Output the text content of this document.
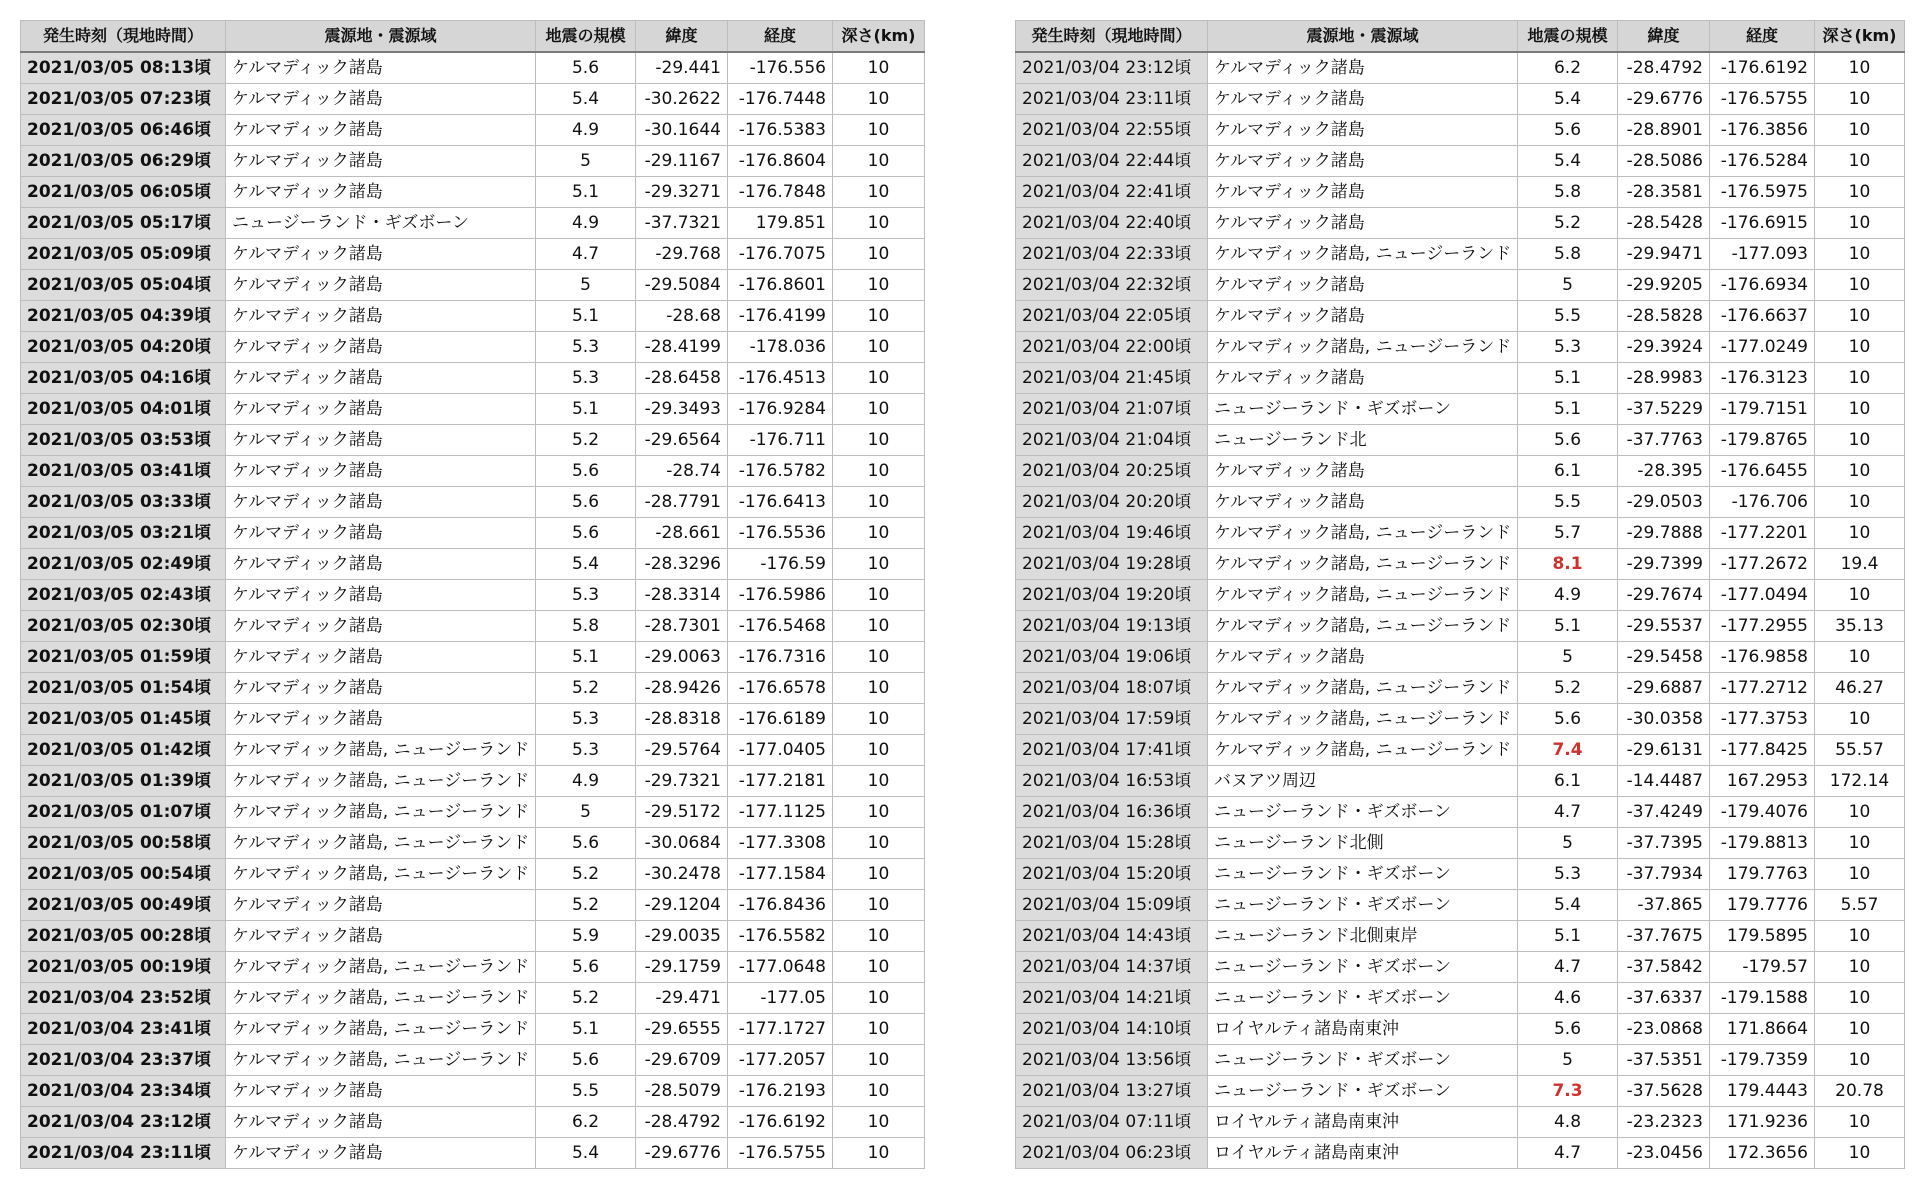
発生時刻（現地時間）	震源地・震源域	地震の規模	緯度	経度	深さ(km)
2021/03/05 08:13頃	ケルマディック諸島	5.6	-29.441	-176.556	10
2021/03/05 07:23頃	ケルマディック諸島	5.4	-30.2622	-176.7448	10
2021/03/05 06:46頃	ケルマディック諸島	4.9	-30.1644	-176.5383	10
2021/03/05 06:29頃	ケルマディック諸島	5	-29.1167	-176.8604	10
2021/03/05 06:05頃	ケルマディック諸島	5.1	-29.3271	-176.7848	10
2021/03/05 05:17頃	ニュージーランド・ギズボーン	4.9	-37.7321	179.851	10
2021/03/05 05:09頃	ケルマディック諸島	4.7	-29.768	-176.7075	10
2021/03/05 05:04頃	ケルマディック諸島	5	-29.5084	-176.8601	10
2021/03/05 04:39頃	ケルマディック諸島	5.1	-28.68	-176.4199	10
2021/03/05 04:20頃	ケルマディック諸島	5.3	-28.4199	-178.036	10
2021/03/05 04:16頃	ケルマディック諸島	5.3	-28.6458	-176.4513	10
2021/03/05 04:01頃	ケルマディック諸島	5.1	-29.3493	-176.9284	10
2021/03/05 03:53頃	ケルマディック諸島	5.2	-29.6564	-176.711	10
2021/03/05 03:41頃	ケルマディック諸島	5.6	-28.74	-176.5782	10
2021/03/05 03:33頃	ケルマディック諸島	5.6	-28.7791	-176.6413	10
2021/03/05 03:21頃	ケルマディック諸島	5.6	-28.661	-176.5536	10
2021/03/05 02:49頃	ケルマディック諸島	5.4	-28.3296	-176.59	10
2021/03/05 02:43頃	ケルマディック諸島	5.3	-28.3314	-176.5986	10
2021/03/05 02:30頃	ケルマディック諸島	5.8	-28.7301	-176.5468	10
2021/03/05 01:59頃	ケルマディック諸島	5.1	-29.0063	-176.7316	10
2021/03/05 01:54頃	ケルマディック諸島	5.2	-28.9426	-176.6578	10
2021/03/05 01:45頃	ケルマディック諸島	5.3	-28.8318	-176.6189	10
2021/03/05 01:42頃	ケルマディック諸島, ニュージーランド	5.3	-29.5764	-177.0405	10
2021/03/05 01:39頃	ケルマディック諸島, ニュージーランド	4.9	-29.7321	-177.2181	10
2021/03/05 01:07頃	ケルマディック諸島, ニュージーランド	5	-29.5172	-177.1125	10
2021/03/05 00:58頃	ケルマディック諸島, ニュージーランド	5.6	-30.0684	-177.3308	10
2021/03/05 00:54頃	ケルマディック諸島, ニュージーランド	5.2	-30.2478	-177.1584	10
2021/03/05 00:49頃	ケルマディック諸島	5.2	-29.1204	-176.8436	10
2021/03/05 00:28頃	ケルマディック諸島	5.9	-29.0035	-176.5582	10
2021/03/05 00:19頃	ケルマディック諸島, ニュージーランド	5.6	-29.1759	-177.0648	10
2021/03/04 23:52頃	ケルマディック諸島, ニュージーランド	5.2	-29.471	-177.05	10
2021/03/04 23:41頃	ケルマディック諸島, ニュージーランド	5.1	-29.6555	-177.1727	10
2021/03/04 23:37頃	ケルマディック諸島, ニュージーランド	5.6	-29.6709	-177.2057	10
2021/03/04 23:34頃	ケルマディック諸島	5.5	-28.5079	-176.2193	10
2021/03/04 23:12頃	ケルマディック諸島	6.2	-28.4792	-176.6192	10
2021/03/04 23:11頃	ケルマディック諸島	5.4	-29.6776	-176.5755	10
発生時刻（現地時間）	震源地・震源域	地震の規模	緯度	経度	深さ(km)
2021/03/04 23:12頃	ケルマディック諸島	6.2	-28.4792	-176.6192	10
2021/03/04 23:11頃	ケルマディック諸島	5.4	-29.6776	-176.5755	10
2021/03/04 22:55頃	ケルマディック諸島	5.6	-28.8901	-176.3856	10
2021/03/04 22:44頃	ケルマディック諸島	5.4	-28.5086	-176.5284	10
2021/03/04 22:41頃	ケルマディック諸島	5.8	-28.3581	-176.5975	10
2021/03/04 22:40頃	ケルマディック諸島	5.2	-28.5428	-176.6915	10
2021/03/04 22:33頃	ケルマディック諸島, ニュージーランド	5.8	-29.9471	-177.093	10
2021/03/04 22:32頃	ケルマディック諸島	5	-29.9205	-176.6934	10
2021/03/04 22:05頃	ケルマディック諸島	5.5	-28.5828	-176.6637	10
2021/03/04 22:00頃	ケルマディック諸島, ニュージーランド	5.3	-29.3924	-177.0249	10
2021/03/04 21:45頃	ケルマディック諸島	5.1	-28.9983	-176.3123	10
2021/03/04 21:07頃	ニュージーランド・ギズボーン	5.1	-37.5229	-179.7151	10
2021/03/04 21:04頃	ニュージーランド北	5.6	-37.7763	-179.8765	10
2021/03/04 20:25頃	ケルマディック諸島	6.1	-28.395	-176.6455	10
2021/03/04 20:20頃	ケルマディック諸島	5.5	-29.0503	-176.706	10
2021/03/04 19:46頃	ケルマディック諸島, ニュージーランド	5.7	-29.7888	-177.2201	10
2021/03/04 19:28頃	ケルマディック諸島, ニュージーランド	8.1	-29.7399	-177.2672	19.4
2021/03/04 19:20頃	ケルマディック諸島, ニュージーランド	4.9	-29.7674	-177.0494	10
2021/03/04 19:13頃	ケルマディック諸島, ニュージーランド	5.1	-29.5537	-177.2955	35.13
2021/03/04 19:06頃	ケルマディック諸島	5	-29.5458	-176.9858	10
2021/03/04 18:07頃	ケルマディック諸島, ニュージーランド	5.2	-29.6887	-177.2712	46.27
2021/03/04 17:59頃	ケルマディック諸島, ニュージーランド	5.6	-30.0358	-177.3753	10
2021/03/04 17:41頃	ケルマディック諸島, ニュージーランド	7.4	-29.6131	-177.8425	55.57
2021/03/04 16:53頃	バヌアツ周辺	6.1	-14.4487	167.2953	172.14
2021/03/04 16:36頃	ニュージーランド・ギズボーン	4.7	-37.4249	-179.4076	10
2021/03/04 15:28頃	ニュージーランド北側	5	-37.7395	-179.8813	10
2021/03/04 15:20頃	ニュージーランド・ギズボーン	5.3	-37.7934	179.7763	10
2021/03/04 15:09頃	ニュージーランド・ギズボーン	5.4	-37.865	179.7776	5.57
2021/03/04 14:43頃	ニュージーランド北側東岸	5.1	-37.7675	179.5895	10
2021/03/04 14:37頃	ニュージーランド・ギズボーン	4.7	-37.5842	-179.57	10
2021/03/04 14:21頃	ニュージーランド・ギズボーン	4.6	-37.6337	-179.1588	10
2021/03/04 14:10頃	ロイヤルティ諸島南東沖	5.6	-23.0868	171.8664	10
2021/03/04 13:56頃	ニュージーランド・ギズボーン	5	-37.5351	-179.7359	10
2021/03/04 13:27頃	ニュージーランド・ギズボーン	7.3	-37.5628	179.4443	20.78
2021/03/04 07:11頃	ロイヤルティ諸島南東沖	4.8	-23.2323	171.9236	10
2021/03/04 06:23頃	ロイヤルティ諸島南東沖	4.7	-23.0456	172.3656	10
